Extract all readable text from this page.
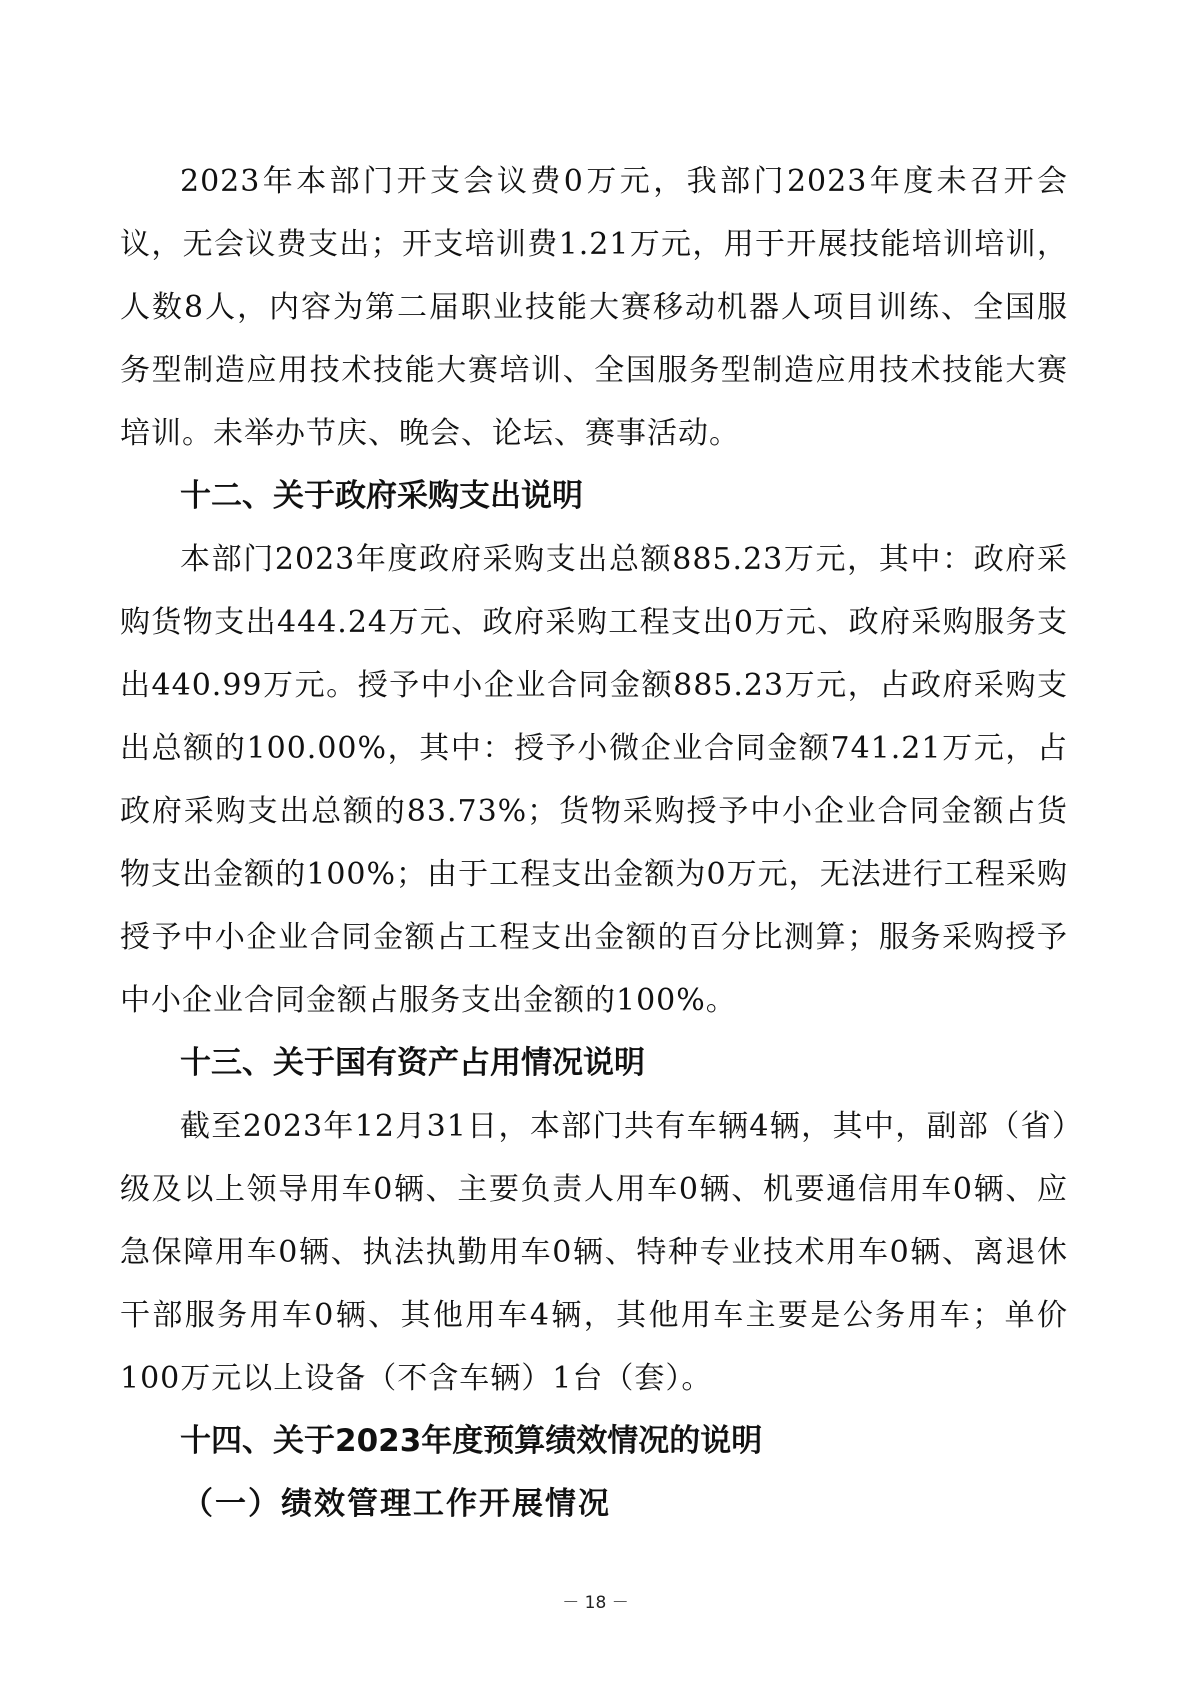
2023年本部门开支会议费0万元，我部门2023年度未召开会议，无会议费支出；开支培训费1.21万元，用于开展技能培训培训，人数8人，内容为第二届职业技能大赛移动机器人项目训练、全国服务型制造应用技术技能大赛培训、全国服务型制造应用技术技能大赛培训。未举办节庆、晚会、论坛、赛事活动。

十二、关于政府采购支出说明

本部门2023年度政府采购支出总额885.23万元，其中：政府采购货物支出444.24万元、政府采购工程支出0万元、政府采购服务支出440.99万元。授予中小企业合同金额885.23万元，占政府采购支出总额的100.00%，其中：授予小微企业合同金额741.21万元，占政府采购支出总额的83.73%；货物采购授予中小企业合同金额占货物支出金额的100%；由于工程支出金额为0万元，无法进行工程采购授予中小企业合同金额占工程支出金额的百分比测算；服务采购授予中小企业合同金额占服务支出金额的100%。

十三、关于国有资产占用情况说明

截至2023年12月31日，本部门共有车辆4辆，其中，副部（省）级及以上领导用车0辆、主要负责人用车0辆、机要通信用车0辆、应急保障用车0辆、执法执勤用车0辆、特种专业技术用车0辆、离退休干部服务用车0辆、其他用车4辆，其他用车主要是公务用车；单价100万元以上设备（不含车辆）1台（套）。

十四、关于2023年度预算绩效情况的说明
（一）绩效管理工作开展情况
－ 18 －
